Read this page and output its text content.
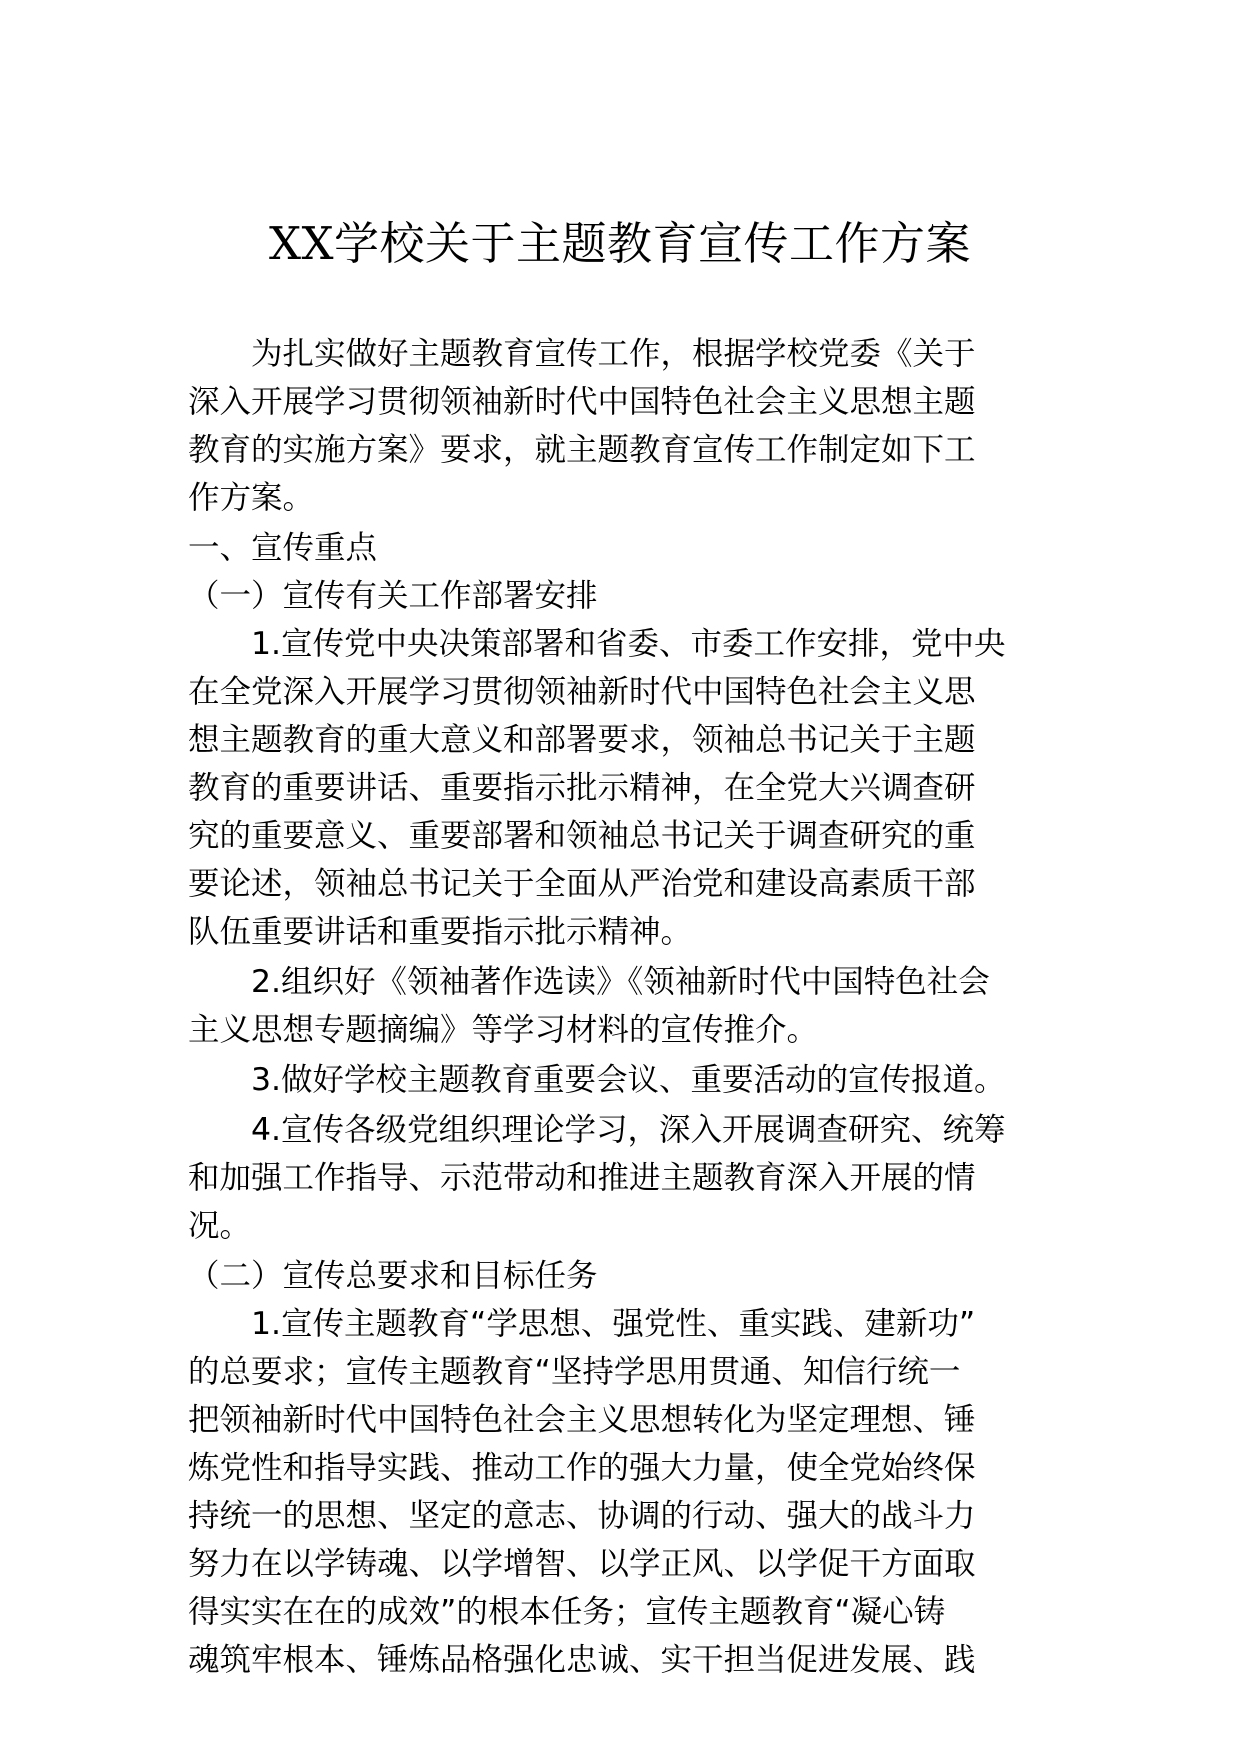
XX学校关于主题教育宣传工作方案
为扎实做好主题教育宣传工作，根据学校党委《关于
深入开展学习贯彻领袖新时代中国特色社会主义思想主题
教育的实施方案》要求，就主题教育宣传工作制定如下工
作方案。
一、宣传重点
（一）宣传有关工作部署安排
1.宣传党中央决策部署和省委、市委工作安排，党中央
在全党深入开展学习贯彻领袖新时代中国特色社会主义思
想主题教育的重大意义和部署要求，领袖总书记关于主题
教育的重要讲话、重要指示批示精神，在全党大兴调查研
究的重要意义、重要部署和领袖总书记关于调查研究的重
要论述，领袖总书记关于全面从严治党和建设高素质干部
队伍重要讲话和重要指示批示精神。
2.组织好《领袖著作选读》《领袖新时代中国特色社会
主义思想专题摘编》等学习材料的宣传推介。
3.做好学校主题教育重要会议、重要活动的宣传报道。
4.宣传各级党组织理论学习，深入开展调查研究、统筹
和加强工作指导、示范带动和推进主题教育深入开展的情
况。
（二）宣传总要求和目标任务
1.宣传主题教育“学思想、强党性、重实践、建新功”
的总要求；宣传主题教育“坚持学思用贯通、知信行统一
把领袖新时代中国特色社会主义思想转化为坚定理想、锤
炼党性和指导实践、推动工作的强大力量，使全党始终保
持统一的思想、坚定的意志、协调的行动、强大的战斗力
努力在以学铸魂、以学增智、以学正风、以学促干方面取
得实实在在的成效”的根本任务；宣传主题教育“凝心铸
魂筑牢根本、锤炼品格强化忠诚、实干担当促进发展、践
